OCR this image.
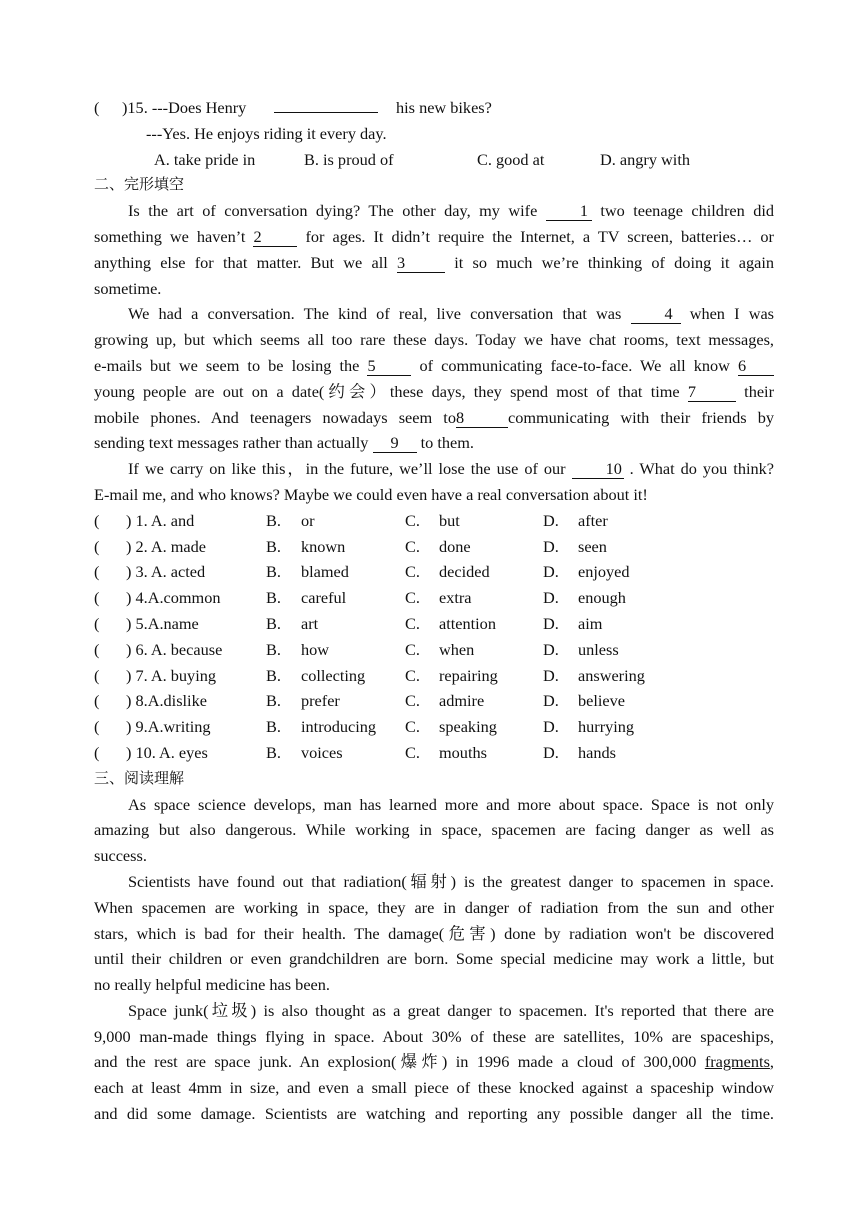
( )15. ---Does Henry	his new bikes?
---Yes. He enjoys riding it every day.
A. take pride in	B. is proud of	C. good at	D. angry with
二、完形填空
Is the art of conversation dying? The other day, my wife	1 two teenage children did
something we haven’t 2	for ages. It didn’t require the Internet, a TV screen, batteries… or
anything else for that matter. But we all 3	it so much we’re thinking of doing it again
sometime.
We had a conversation. The kind of real, live conversation that was	4 when I was
growing up, but which seems all too rare these days. Today we have chat rooms, text messages,
e-mails but we seem to be losing the 5	of communicating face-to-face. We all know 6
young people are out on a date(约会）these days, they spend most of that time 7	their
mobile phones. And teenagers nowadays seem to8	communicating with their friends by
sending text messages rather than actually 9 to them.
If we carry on like this，in the future, we’ll lose the use of our 10 . What do you think?
E-mail me, and who knows? Maybe we could even have a real conversation about it!
( ) 1. A. and	B. or	C. but	D. after
( ) 2. A. made	B. known	C. done	D. seen
( ) 3. A. acted	B. blamed	C. decided	D. enjoyed
( ) 4.A.common	B. careful	C. extra	D. enough
( ) 5.A.name	B. art	C. attention	D. aim
( ) 6. A. because	B. how	C. when	D. unless
( ) 7. A. buying	B. collecting C. repairing	D. answering
( ) 8.A.dislike	B. prefer	C. admire	D. believe
( ) 9.A.writing	B. introducing C. speaking	D. hurrying
( ) 10. A. eyes	B. voices	C. mouths	D. hands
三、阅读理解
As space science develops, man has learned more and more about space. Space is not only
amazing but also dangerous. While working in space, spacemen are facing danger as well as
success.
Scientists have found out that radiation(辐射) is the greatest danger to spacemen in space.
When spacemen are working in space, they are in danger of radiation from the sun and other
stars, which is bad for their health. The damage(危害) done by radiation won't be discovered
until their children or even grandchildren are born. Some special medicine may work a little, but
no really helpful medicine has been.
Space junk(垃圾) is also thought as a great danger to spacemen. It's reported that there are
9,000 man-made things flying in space. About 30% of these are satellites, 10% are spaceships,
and the rest are space junk. An explosion(爆炸) in 1996 made a cloud of 300,000 fragments,
each at least 4mm in size, and even a small piece of these knocked against a spaceship window
and did some damage. Scientists are watching and reporting any possible danger all the time.
